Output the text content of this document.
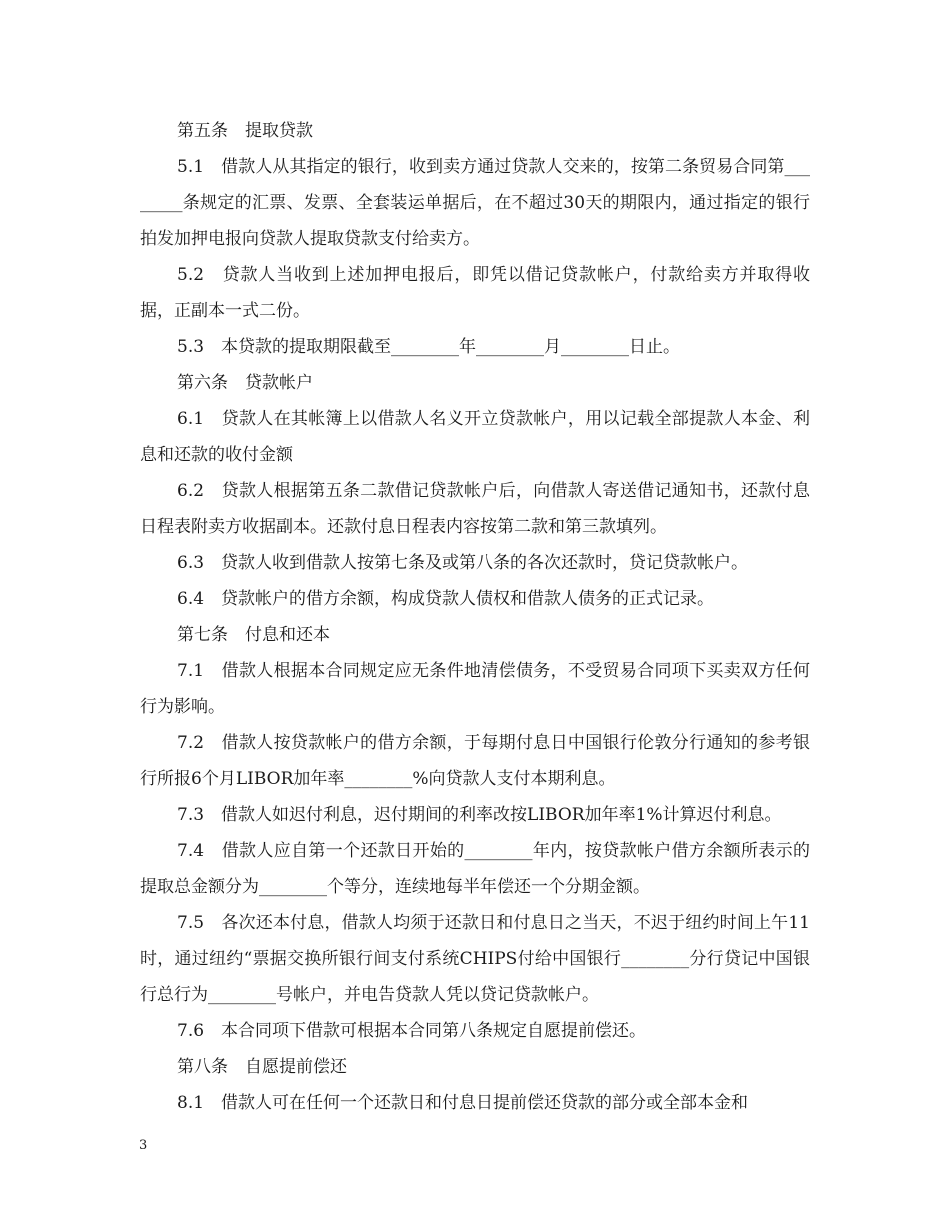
第五条　提取贷款

5.1　借款人从其指定的银行，收到卖方通过贷款人交来的，按第二条贸易合同第________条规定的汇票、发票、全套装运单据后，在不超过30天的期限内，通过指定的银行拍发加押电报向贷款人提取贷款支付给卖方。

5.2　贷款人当收到上述加押电报后，即凭以借记贷款帐户，付款给卖方并取得收据，正副本一式二份。

5.3　本贷款的提取期限截至________年________月________日止。

第六条　贷款帐户

6.1　贷款人在其帐簿上以借款人名义开立贷款帐户，用以记载全部提款人本金、利息和还款的收付金额

6.2　贷款人根据第五条二款借记贷款帐户后，向借款人寄送借记通知书，还款付息日程表附卖方收据副本。还款付息日程表内容按第二款和第三款填列。

6.3　贷款人收到借款人按第七条及或第八条的各次还款时，贷记贷款帐户。

6.4　贷款帐户的借方余额，构成贷款人债权和借款人债务的正式记录。

第七条　付息和还本

7.1　借款人根据本合同规定应无条件地清偿债务，不受贸易合同项下买卖双方任何行为影响。

7.2　借款人按贷款帐户的借方余额，于每期付息日中国银行伦敦分行通知的参考银行所报6个月LIBOR加年率________%向贷款人支付本期利息。

7.3　借款人如迟付利息，迟付期间的利率改按LIBOR加年率1%计算迟付利息。

7.4　借款人应自第一个还款日开始的________年内，按贷款帐户借方余额所表示的提取总金额分为________个等分，连续地每半年偿还一个分期金额。

7.5　各次还本付息，借款人均须于还款日和付息日之当天，不迟于纽约时间上午11时，通过纽约“票据交换所银行间支付系统CHIPS付给中国银行________分行贷记中国银行总行为________号帐户，并电告贷款人凭以贷记贷款帐户。

7.6　本合同项下借款可根据本合同第八条规定自愿提前偿还。

第八条　自愿提前偿还

8.1　借款人可在任何一个还款日和付息日提前偿还贷款的部分或全部本金和

3
